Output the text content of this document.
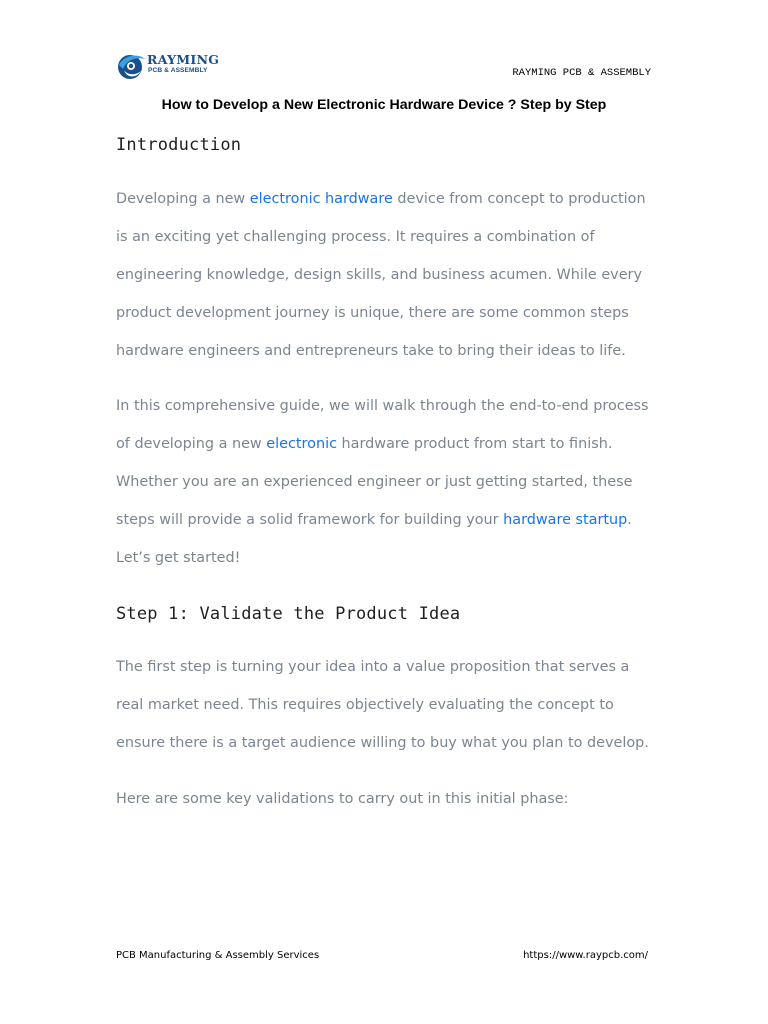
RAYMING
PCB & ASSEMBLY	RAYMING PCB & ASSEMBLY
How to Develop a New Electronic Hardware Device ? Step by Step
Introduction

Developing a new electronic hardware device from concept to production is an exciting yet challenging process. It requires a combination of engineering knowledge, design skills, and business acumen. While every product development journey is unique, there are some common steps hardware engineers and entrepreneurs take to bring their ideas to life.

In this comprehensive guide, we will walk through the end-to-end process of developing a new electronic hardware product from start to finish. Whether you are an experienced engineer or just getting started, these steps will provide a solid framework for building your hardware startup. Let’s get started!

Step 1: Validate the Product Idea

The first step is turning your idea into a value proposition that serves a real market need. This requires objectively evaluating the concept to ensure there is a target audience willing to buy what you plan to develop.

Here are some key validations to carry out in this initial phase:

PCB Manufacturing & Assembly Services	https://www.raypcb.com/
